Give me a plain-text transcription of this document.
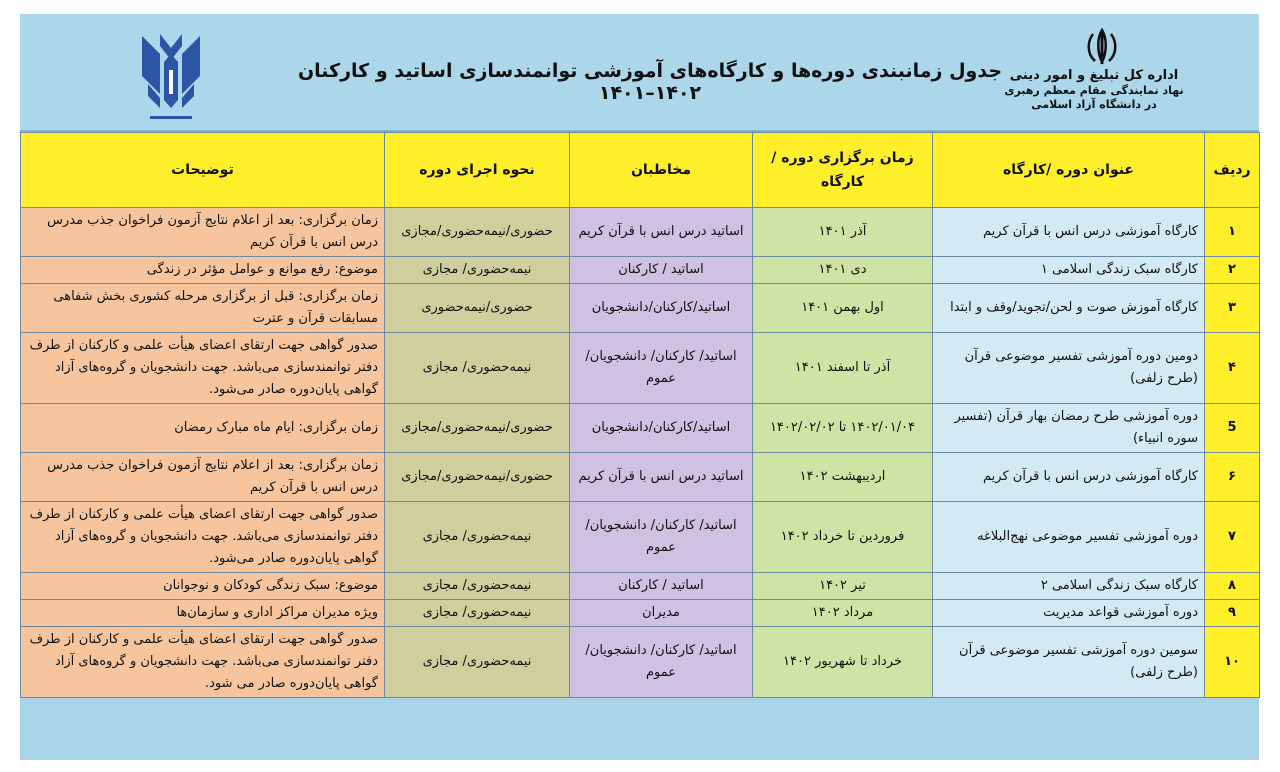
جدول زمانبندی دوره‌ها و کارگاه‌های آموزشی توانمندسازی اساتید و کارکنان ۱۴۰۲–۱۴۰۱
اداره کل تبلیغ و امور دینی
نهاد نمایندگی مقام معظم رهبری
در دانشگاه آزاد اسلامی
ردیف	عنوان دوره /کارگاه	زمان برگزاری دوره /کارگاه	مخاطبان	نحوه اجرای دوره	توضیحات
۱	کارگاه آموزشی درس انس با قرآن کریم	آذر ۱۴۰۱	اساتید درس انس با قرآن کریم	حضوری/نیمه‌حضوری/مجازی	زمان برگزاری: بعد از اعلام نتایج آزمون فراخوان جذب مدرس درس انس با قرآن کریم
۲	کارگاه سبک زندگی اسلامی ۱	دی ۱۴۰۱	اساتید / کارکنان	نیمه‌حضوری/ مجازی	موضوع: رفع موانع و عوامل مؤثر در زندگی
۳	کارگاه آموزش صوت و لحن/تجوید/وقف و ابتدا	اول بهمن ۱۴۰۱	اساتید/کارکنان/دانشجویان	حضوری/نیمه‌حضوری	زمان برگزاری: قبل از برگزاری مرحله کشوری بخش شفاهی مسابقات قرآن و عترت
۴	دومین دوره آموزشی تفسیر موضوعی قرآن (طرح زلفی)	آذر تا اسفند ۱۴۰۱	اساتید/ کارکنان/ دانشجویان/عموم	نیمه‌حضوری/ مجازی	صدور گواهی جهت ارتقای اعضای هیأت علمی و کارکنان از طرف دفتر توانمندسازی می‌باشد. جهت دانشجویان و گروه‌های آزاد گواهی پایان‌دوره صادر می‌شود.
5	دوره آموزشی طرح رمضان بهار قرآن (تفسیر سوره انبیاء)	۱۴۰۲/۰۱/۰۴ تا ۱۴۰۲/۰۲/۰۲	اساتید/کارکنان/دانشجویان	حضوری/نیمه‌حضوری/مجازی	زمان برگزاری: ایام ماه مبارک رمضان
۶	کارگاه آموزشی درس انس با قرآن کریم	اردیبهشت ۱۴۰۲	اساتید درس انس با قرآن کریم	حضوری/نیمه‌حضوری/مجازی	زمان برگزاری: بعد از اعلام نتایج آزمون فراخوان جذب مدرس درس انس با قرآن کریم
۷	دوره آموزشی تفسیر موضوعی نهج‌البلاغه	فروردین تا خرداد ۱۴۰۲	اساتید/ کارکنان/ دانشجویان/عموم	نیمه‌حضوری/ مجازی	صدور گواهی جهت ارتقای اعضای هیأت علمی و کارکنان از طرف دفتر توانمندسازی می‌باشد. جهت دانشجویان و گروه‌های آزاد گواهی پایان‌دوره صادر می‌شود.
۸	کارگاه سبک زندگی اسلامی ۲	تیر ۱۴۰۲	اساتید / کارکنان	نیمه‌حضوری/ مجازی	موضوع: سبک زندگی کودکان و نوجوانان
۹	دوره آموزشی قواعد مدیریت	مرداد ۱۴۰۲	مدیران	نیمه‌حضوری/ مجازی	ویژه مدیران مراکز اداری و سازمان‌ها
۱۰	سومین دوره آموزشی تفسیر موضوعی قرآن (طرح زلفی)	خرداد تا شهریور ۱۴۰۲	اساتید/ کارکنان/ دانشجویان/عموم	نیمه‌حضوری/ مجازی	صدور گواهی جهت ارتقای اعضای هیأت علمی و کارکنان از طرف دفتر توانمندسازی می‌باشد. جهت دانشجویان و گروه‌های آزاد گواهی پایان‌دوره صادر می شود.
